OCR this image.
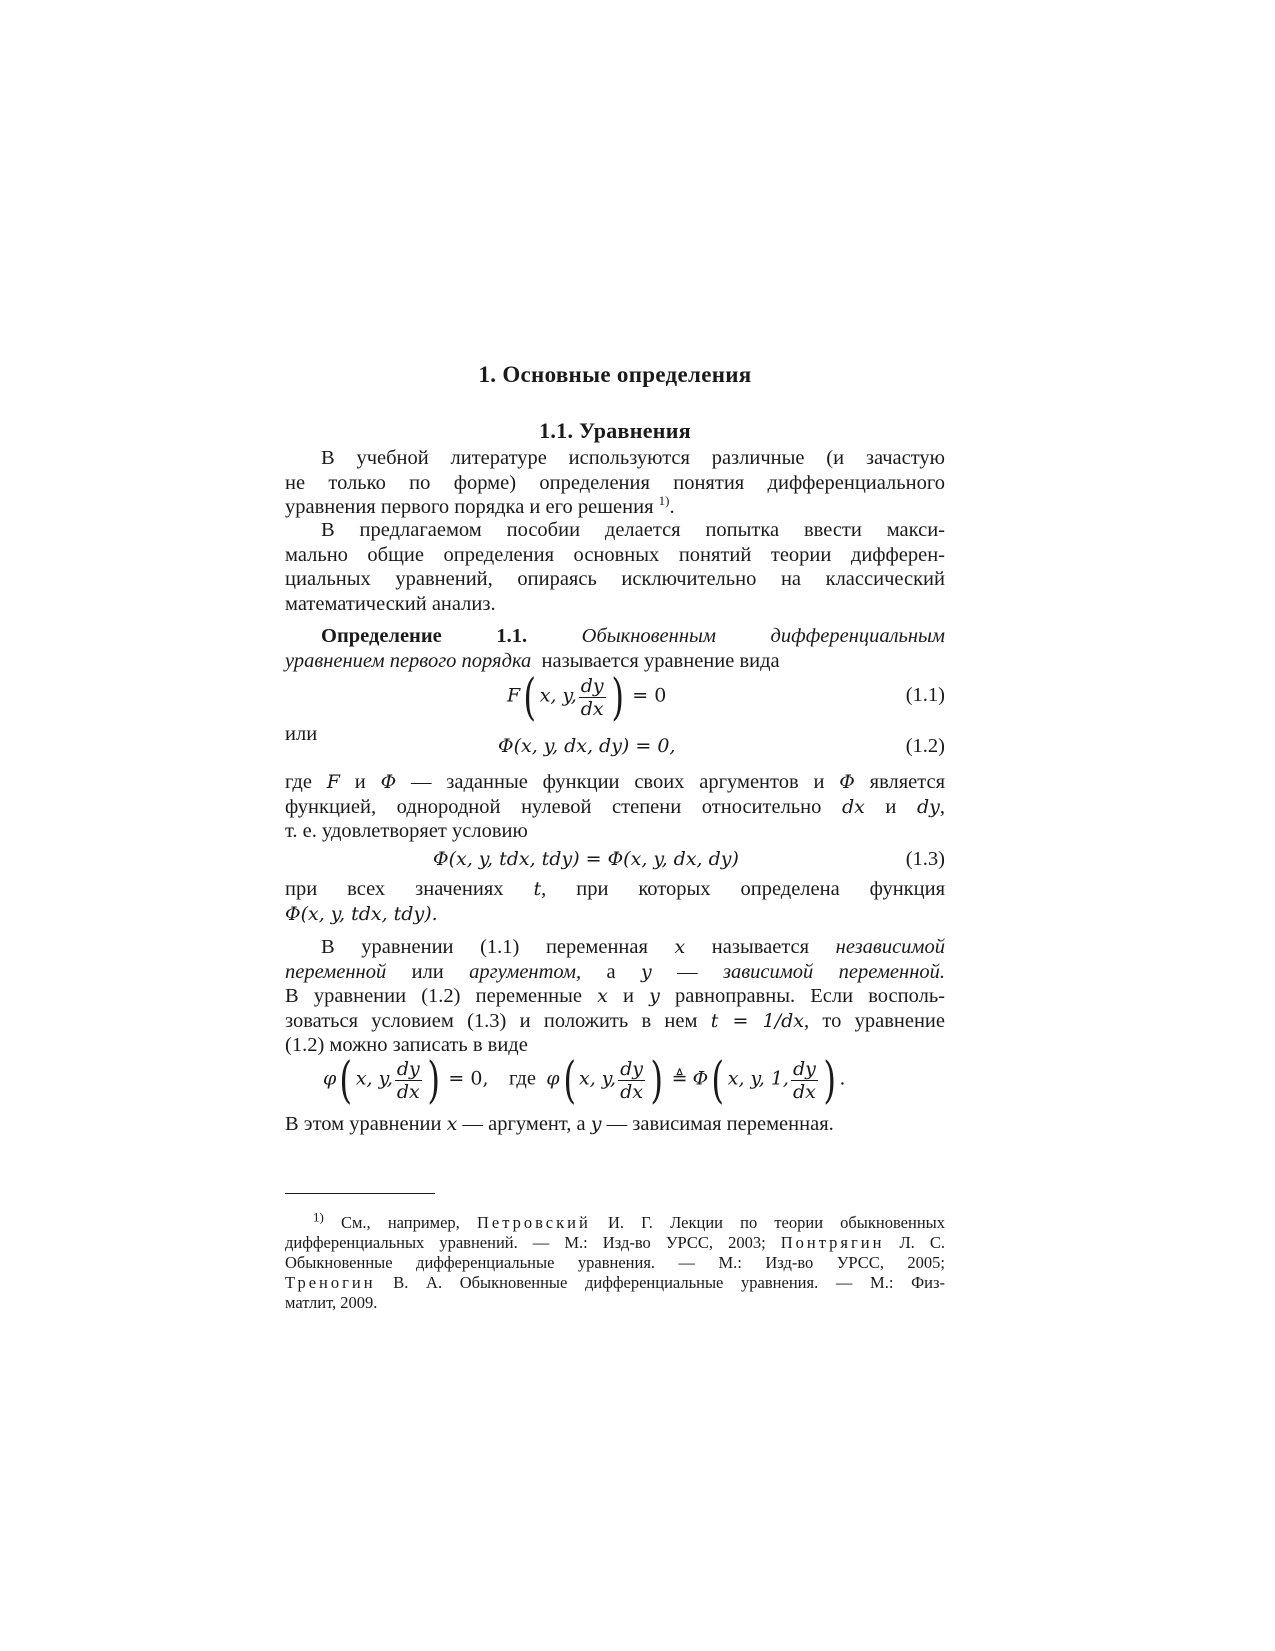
1. Основные определения
1.1. Уравнения
В учебной литературе используются различные (и зачастую
не только по форме) определения понятия дифференциального
уравнения первого порядка и его решения $^{1)}$.
В предлагаемом пособии делается попытка ввести макси-
мально общие определения основных понятий теории дифферен-
циальных уравнений, опираясь исключительно на классический
математический анализ.
Определение 1.1.	Обыкновенным дифференциальным
уравнением первого порядка называется уравнение вида
F( x, y, $\frac{dy}{dx}$ ) = 0	(1.1)
или
Φ(x, y, dx, dy) = 0,	(1.2)
где F и Φ — заданные функции своих аргументов и Φ является
функцией, однородной нулевой степени относительно dx и dy,
т. е. удовлетворяет условию
Φ(x, y, tdx, tdy) = Φ(x, y, dx, dy)	(1.3)
при всех значениях t, при которых определена функция
Φ(x, y, tdx, tdy).
В уравнении (1.1) переменная x называется независимой
переменной или аргументом, а y — зависимой переменной.
В уравнении (1.2) переменные x и y равноправны. Если восполь-
зоваться условием (1.3) и положить в нем t = 1/dx, то уравнение
(1.2) можно записать в виде
φ( x, y, $\frac{dy}{dx}$ ) = 0, где φ( x, y, $\frac{dy}{dx}$ ) ≜ Φ( x, y, 1, $\frac{dy}{dx}$ ) .
В этом уравнении x — аргумент, а y — зависимая переменная.
$^{1)}$ См., например, Петровский И. Г. Лекции по теории обыкновенных
дифференциальных уравнений. — М.: Изд-во УРСС, 2003; Понтрягин Л. С.
Обыкновенные дифференциальные уравнения. — М.: Изд-во УРСС, 2005;
Треногин В. А. Обыкновенные дифференциальные уравнения. — М.: Физ-
матлит, 2009.
